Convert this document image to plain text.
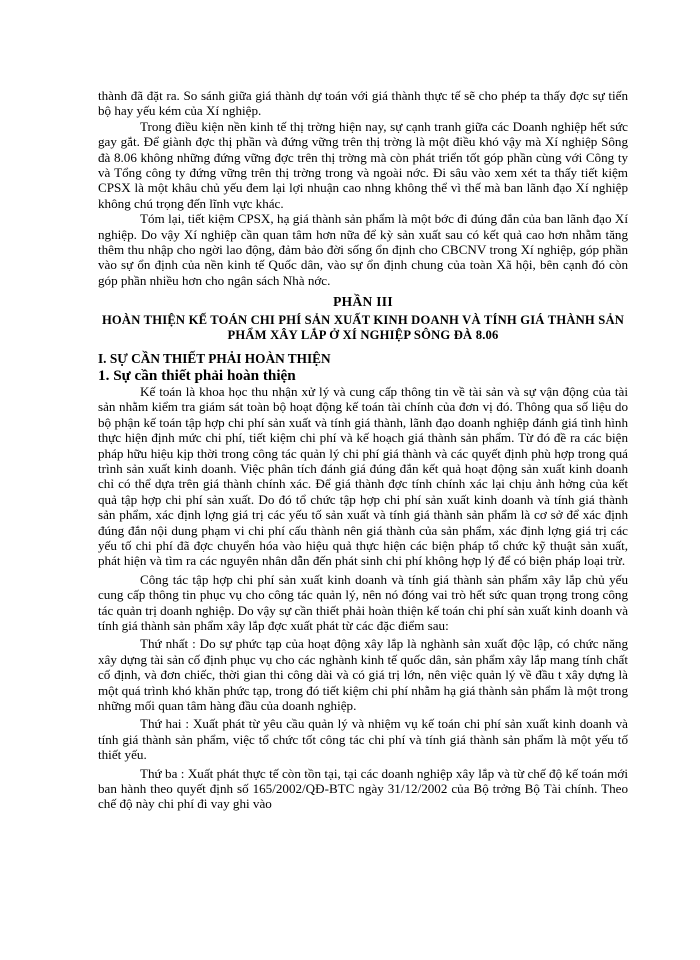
thành đã đặt ra. So sánh giữa giá thành dự toán với giá thành thực tế sẽ cho phép ta thấy đợc sự tiến bộ hay yếu kém của Xí nghiệp.

Trong điều kiện nền kinh tế thị trờng hiện nay, sự cạnh tranh giữa các Doanh nghiệp hết sức gay gắt. Để giành đợc thị phần và đứng vững trên thị trờng là một điều khó vậy mà Xí nghiệp Sông đà 8.06 không những đứng vững đợc trên thị trờng mà còn phát triển tốt góp phần cùng với Công ty và Tổng công ty đứng vững trên thị trờng trong và ngoài nớc. Đi sâu vào xem xét ta thấy tiết kiệm CPSX là một khâu chủ yếu đem lại lợi nhuận cao nhng không thể vì thế mà ban lãnh đạo Xí nghiệp không chú trọng đến lĩnh vực khác.

Tóm lại, tiết kiệm CPSX, hạ giá thành sản phẩm là một bớc đi đúng đắn của ban lãnh đạo Xí nghiệp. Do vậy Xí nghiệp cần quan tâm hơn nữa để kỳ sản xuất sau có kết quả cao hơn nhằm tăng thêm thu nhập cho ngời lao động, đảm bảo đời sống ổn định cho CBCNV trong Xí nghiệp, góp phần vào sự ổn định của nền kinh tế Quốc dân, vào sự ổn định chung của toàn Xã hội, bên cạnh đó còn góp phần nhiều hơn cho ngân sách Nhà nớc.

PHẦN III
HOÀN THIỆN KẾ TOÁN CHI PHÍ SẢN XUẤT KINH DOANH VÀ TÍNH GIÁ THÀNH SẢN PHẨM XÂY LẮP Ở XÍ NGHIỆP SÔNG ĐÀ 8.06
I. SỰ CẦN THIẾT PHẢI HOÀN THIỆN
1. Sự cần thiết phải hoàn thiện

Kế toán là khoa học thu nhận xử lý và cung cấp thông tin về tài sản và sự vận động của tài sản nhằm kiểm tra giám sát toàn bộ hoạt động kế toán tài chính của đơn vị đó. Thông qua số liệu do bộ phận kế toán tập hợp chi phí sản xuất và tính giá thành, lãnh đạo doanh nghiệp đánh giá tình hình thực hiện định mức chi phí, tiết kiệm chi phí và kế hoạch giá thành sản phẩm. Từ đó đề ra các biện pháp hữu hiệu kịp thời trong công tác quản lý chi phí giá thành và các quyết định phù hợp trong quá trình sản xuất kinh doanh. Việc phân tích đánh giá đúng đắn kết quả hoạt động sản xuất kinh doanh chỉ có thể dựa trên giá thành chính xác. Để giá thành đợc tính chính xác lại chịu ảnh hởng của kết quả tập hợp chi phí sản xuất. Do đó tổ chức tập hợp chi phí sản xuất kinh doanh và tính giá thành sản phẩm, xác định lợng giá trị các yếu tố sản xuất và tính giá thành sản phẩm là cơ sở để xác định đúng đắn nội dung phạm vi chi phí cấu thành nên giá thành của sản phẩm, xác định lợng giá trị các yếu tố chi phí đã đợc chuyển hóa vào hiệu quả thực hiện các biện pháp tổ chức kỹ thuật sản xuất, phát hiện và tìm ra các nguyên nhân dẫn đến phát sinh chi phí không hợp lý để có biện pháp loại trừ.

Công tác tập hợp chi phí sản xuất kinh doanh và tính giá thành sản phẩm xây lắp chủ yếu cung cấp thông tin phục vụ cho công tác quản lý, nên nó đóng vai trò hết sức quan trọng trong công tác quản trị doanh nghiệp. Do vậy sự cần thiết phải hoàn thiện kế toán chi phí sản xuất kinh doanh và tính giá thành sản phẩm xây lắp đợc xuất phát từ các đặc điểm sau:

Thứ nhất : Do sự phức tạp của hoạt động xây lắp là nghành sản xuất độc lập, có chức năng xây dựng tài sản cố định phục vụ cho các nghành kinh tế quốc dân, sản phẩm xây lắp mang tính chất cố định, và đơn chiếc, thời gian thi công dài và có giá trị lớn, nên việc quản lý về đầu t xây dựng là một quá trình khó khăn phức tạp, trong đó tiết kiệm chi phí nhằm hạ giá thành sản phẩm là một trong những mối quan tâm hàng đầu của doanh nghiệp.

Thứ hai : Xuất phát từ yêu cầu quản lý và nhiệm vụ kế toán chi phí sản xuất kinh doanh và tính giá thành sản phẩm, việc tổ chức tốt công tác chi phí và tính giá thành sản phẩm là một yếu tố thiết yếu.

Thứ ba : Xuất phát thực tế còn tồn tại, tại các doanh nghiệp xây lắp và từ chế độ kế toán mới ban hành theo quyết định số 165/2002/QĐ-BTC ngày 31/12/2002 của Bộ trởng Bộ Tài chính. Theo chế độ này chi phí đi vay ghi vào
